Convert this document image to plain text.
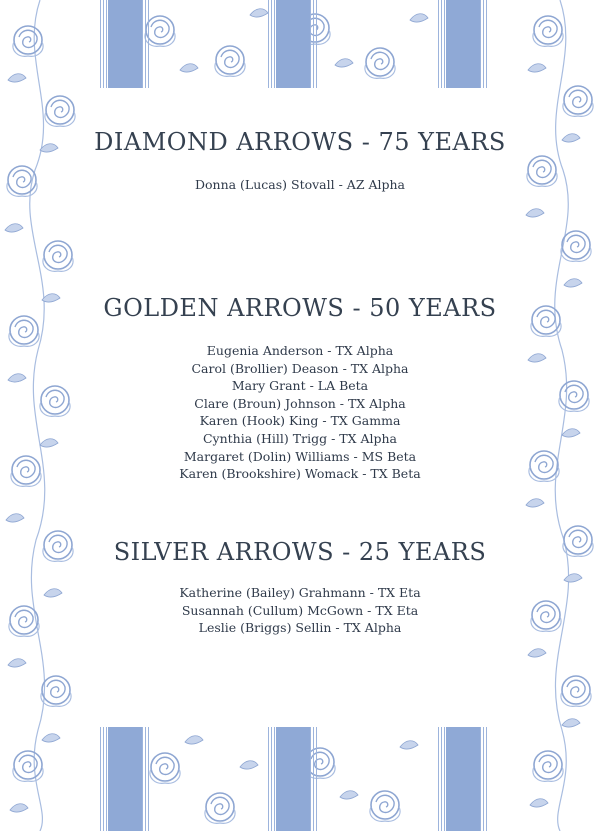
DIAMOND ARROWS - 75 YEARS
Donna (Lucas) Stovall - AZ Alpha
GOLDEN ARROWS - 50 YEARS
Eugenia Anderson - TX Alpha
Carol (Brollier) Deason - TX Alpha
Mary Grant - LA Beta
Clare (Broun) Johnson - TX Alpha
Karen (Hook) King - TX Gamma
Cynthia (Hill) Trigg - TX Alpha
Margaret (Dolin) Williams - MS Beta
Karen (Brookshire) Womack - TX Beta
SILVER ARROWS - 25 YEARS
Katherine (Bailey) Grahmann - TX Eta
Susannah (Cullum) McGown - TX Eta
Leslie (Briggs) Sellin - TX Alpha
